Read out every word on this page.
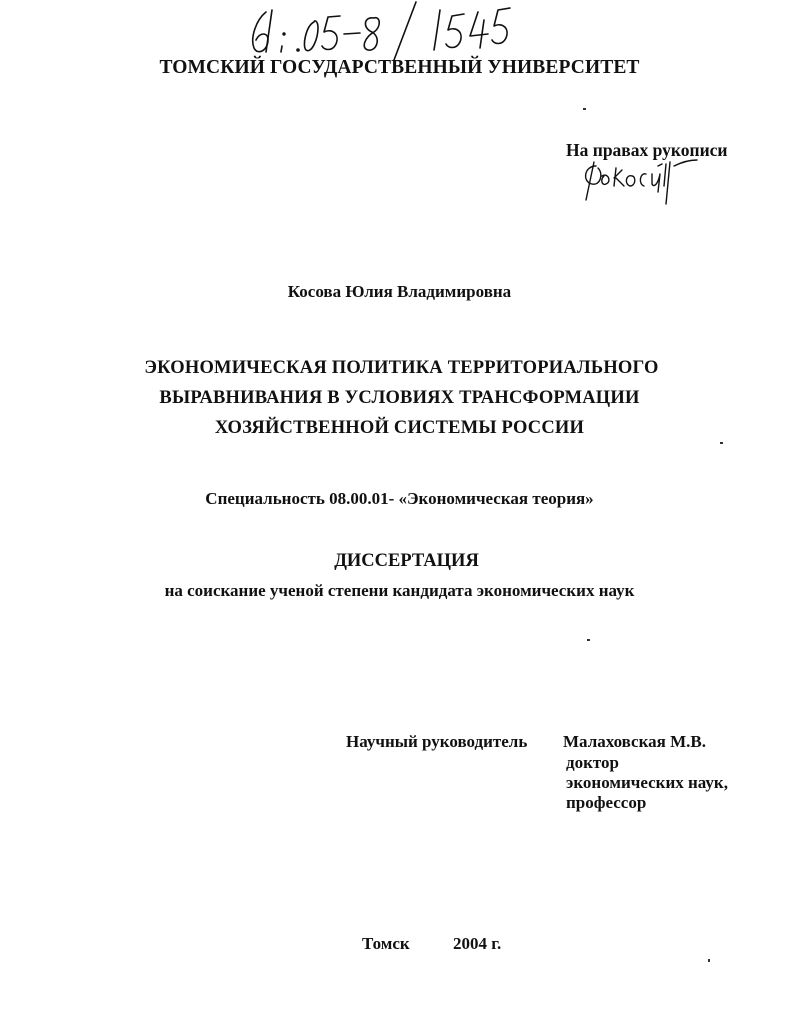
ТОМСКИЙ ГОСУДАРСТВЕННЫЙ УНИВЕРСИТЕТ
На правах рукописи
Косова Юлия Владимировна
ЭКОНОМИЧЕСКАЯ ПОЛИТИКА ТЕРРИТОРИАЛЬНОГО
ВЫРАВНИВАНИЯ В УСЛОВИЯХ ТРАНСФОРМАЦИИ
ХОЗЯЙСТВЕННОЙ СИСТЕМЫ РОССИИ
Специальность 08.00.01- «Экономическая теория»
ДИССЕРТАЦИЯ
на соискание ученой степени кандидата экономических наук
Научный руководитель Малаховская М.В.
доктор
экономических наук,
профессор
Томск	2004 г.
